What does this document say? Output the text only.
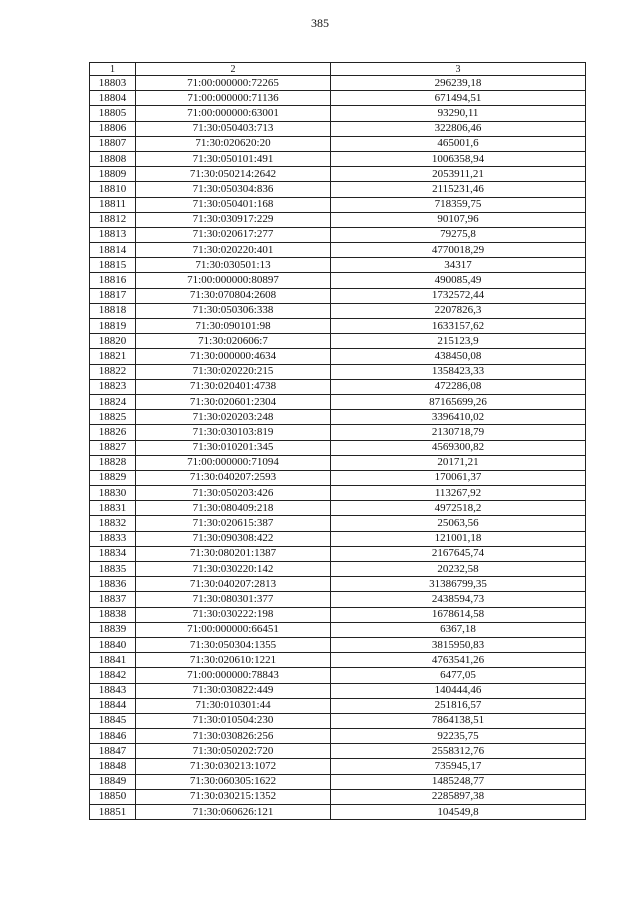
385
1	2	3
18803	71:00:000000:72265	296239,18
18804	71:00:000000:71136	671494,51
18805	71:00:000000:63001	93290,11
18806	71:30:050403:713	322806,46
18807	71:30:020620:20	465001,6
18808	71:30:050101:491	1006358,94
18809	71:30:050214:2642	2053911,21
18810	71:30:050304:836	2115231,46
18811	71:30:050401:168	718359,75
18812	71:30:030917:229	90107,96
18813	71:30:020617:277	79275,8
18814	71:30:020220:401	4770018,29
18815	71:30:030501:13	34317
18816	71:00:000000:80897	490085,49
18817	71:30:070804:2608	1732572,44
18818	71:30:050306:338	2207826,3
18819	71:30:090101:98	1633157,62
18820	71:30:020606:7	215123,9
18821	71:30:000000:4634	438450,08
18822	71:30:020220:215	1358423,33
18823	71:30:020401:4738	472286,08
18824	71:30:020601:2304	87165699,26
18825	71:30:020203:248	3396410,02
18826	71:30:030103:819	2130718,79
18827	71:30:010201:345	4569300,82
18828	71:00:000000:71094	20171,21
18829	71:30:040207:2593	170061,37
18830	71:30:050203:426	113267,92
18831	71:30:080409:218	4972518,2
18832	71:30:020615:387	25063,56
18833	71:30:090308:422	121001,18
18834	71:30:080201:1387	2167645,74
18835	71:30:030220:142	20232,58
18836	71:30:040207:2813	31386799,35
18837	71:30:080301:377	2438594,73
18838	71:30:030222:198	1678614,58
18839	71:00:000000:66451	6367,18
18840	71:30:050304:1355	3815950,83
18841	71:30:020610:1221	4763541,26
18842	71:00:000000:78843	6477,05
18843	71:30:030822:449	140444,46
18844	71:30:010301:44	251816,57
18845	71:30:010504:230	7864138,51
18846	71:30:030826:256	92235,75
18847	71:30:050202:720	2558312,76
18848	71:30:030213:1072	735945,17
18849	71:30:060305:1622	1485248,77
18850	71:30:030215:1352	2285897,38
18851	71:30:060626:121	104549,8
